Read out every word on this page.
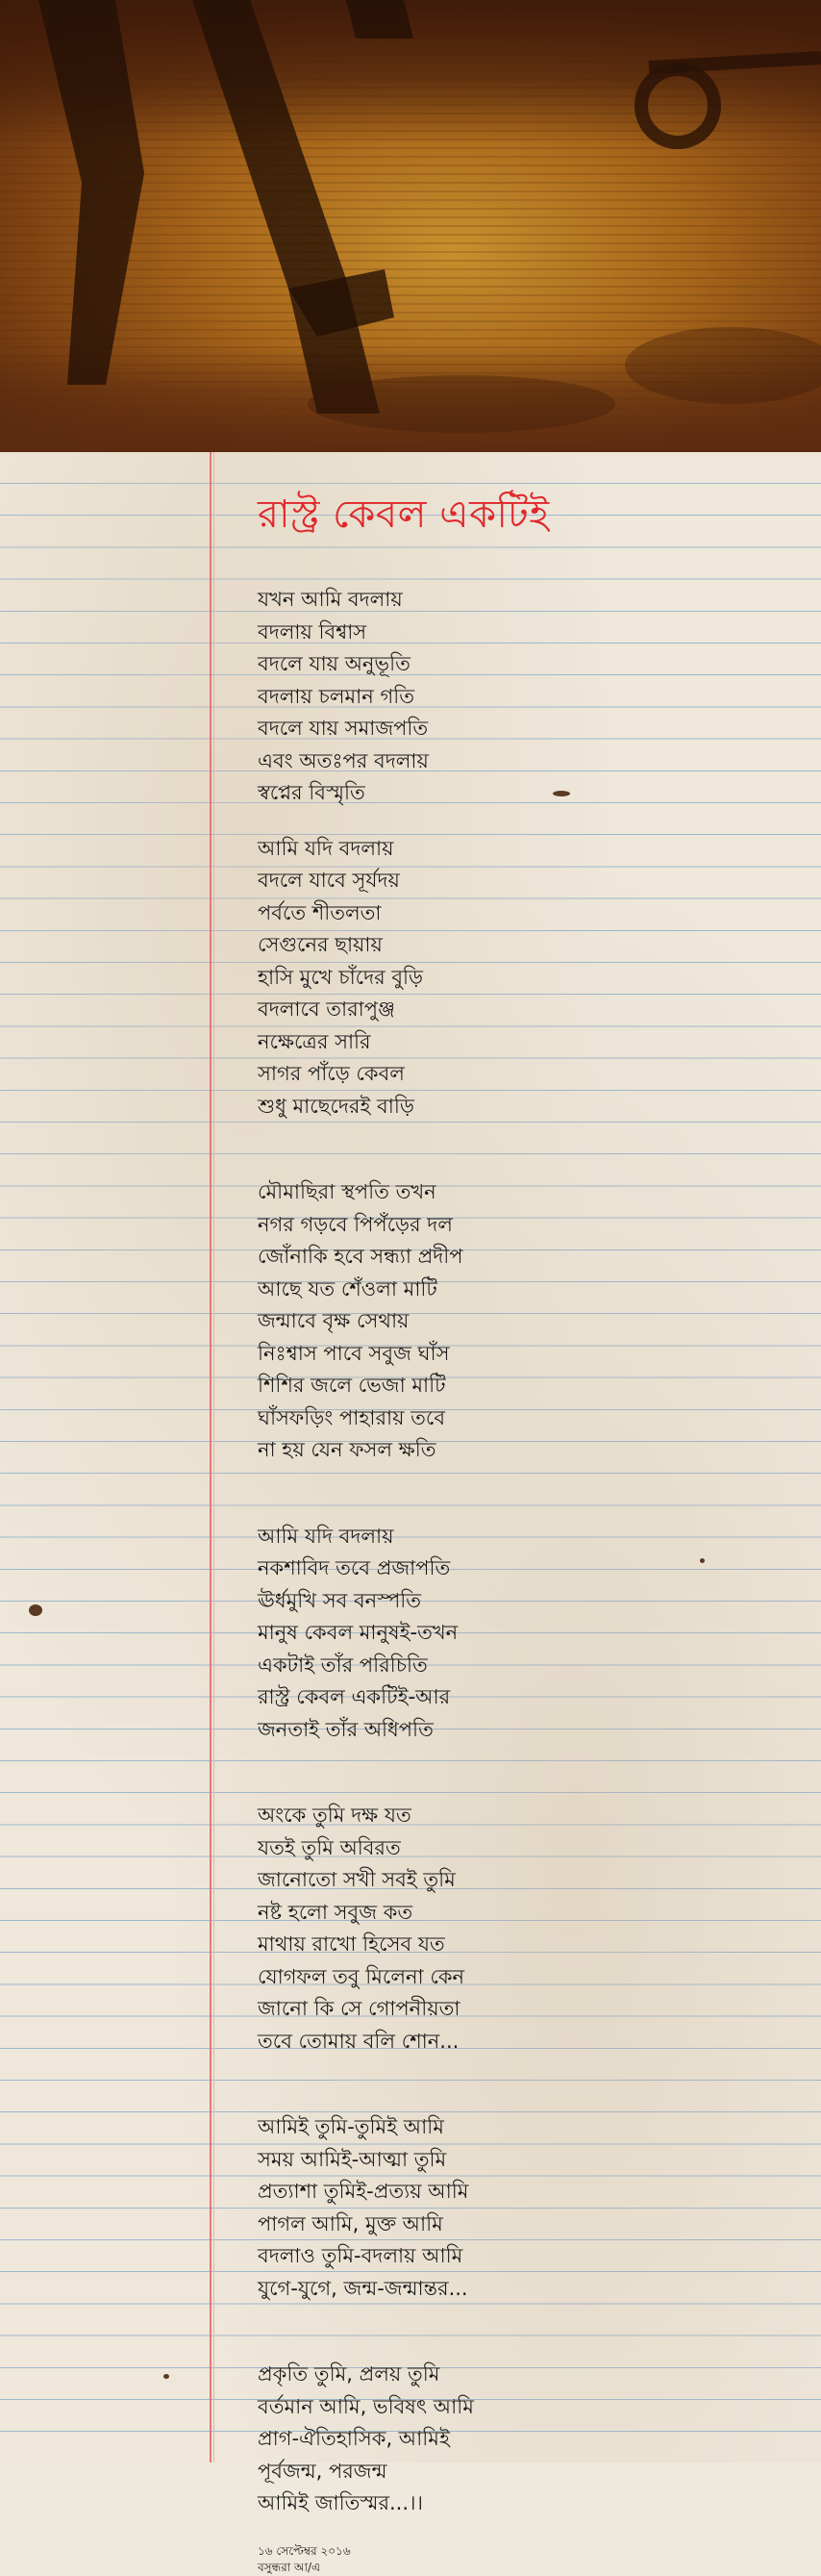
রাস্ট্র কেবল একটিই
যখন আমি বদলায়
বদলায় বিশ্বাস
বদলে যায় অনুভূতি
বদলায় চলমান গতি
বদলে যায় সমাজপতি
এবং অতঃপর বদলায়
স্বপ্নের বিস্মৃতি
আমি যদি বদলায়
বদলে যাবে সূর্যদয়
পর্বতে শীতলতা
সেগুনের ছায়ায়
হাসি মুখে চাঁদের বুড়ি
বদলাবে তারাপুঞ্জ
নক্ষেত্রের সারি
সাগর পাঁড়ে কেবল
শুধু মাছেদেরই বাড়ি
মৌমাছিরা স্থপতি তখন
নগর গড়বে পিপঁড়ের দল
জোঁনাকি হবে সন্ধ্যা প্রদীপ
আছে যত শেঁওলা মাটি
জন্মাবে বৃক্ষ সেথায়
নিঃশ্বাস পাবে সবুজ ঘাঁস
শিশির জলে ভেজা মাটি
ঘাঁসফড়িং পাহারায় তবে
না হয় যেন ফসল ক্ষতি
আমি যদি বদলায়
নকশাবিদ তবে প্রজাপতি
ঊর্ধমুখি সব বনস্পতি
মানুষ কেবল মানুষই-তখন
একটাই তাঁর পরিচিতি
রাস্ট্র কেবল একটিই-আর
জনতাই তাঁর অধিপতি
অংকে তুমি দক্ষ যত
যতই তুমি অবিরত
জানোতো সখী সবই তুমি
নষ্ট হলো সবুজ কত
মাথায় রাখো হিসেব যত
যোগফল তবু মিলেনা কেন
জানো কি সে গোপনীয়তা
তবে তোমায় বলি শোন...
আমিই তুমি-তুমিই আমি
সময় আমিই-আত্মা তুমি
প্রত্যাশা তুমিই-প্রত্যয় আমি
পাগল আমি, মুক্ত আমি
বদলাও তুমি-বদলায় আমি
যুগে-যুগে, জন্ম-জন্মান্তর...
প্রকৃতি তুমি, প্রলয় তুমি
বর্তমান আমি, ভবিষৎ আমি
প্রাগ-ঐতিহাসিক, আমিই
পূর্বজন্ম, পরজন্ম
আমিই জাতিস্মর...।।
১৬ সেপ্টেম্বর ২০১৬
বসুন্ধরা আ/এ
